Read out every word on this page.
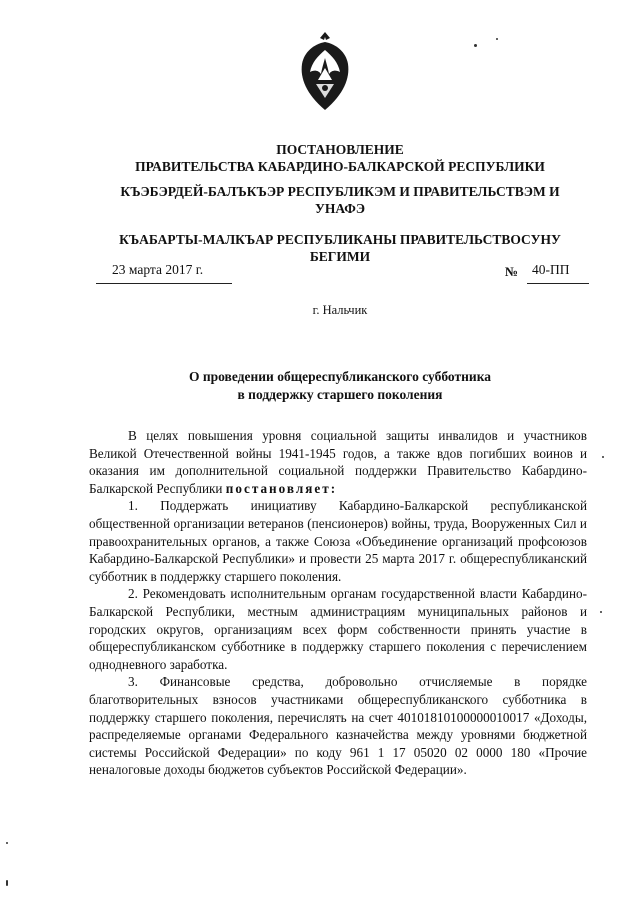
ПОСТАНОВЛЕНИЕ
ПРАВИТЕЛЬСТВА КАБАРДИНО-БАЛКАРСКОЙ РЕСПУБЛИКИ
КЪЭБЭРДЕЙ-БАЛЪКЪЭР РЕСПУБЛИКЭМ И ПРАВИТЕЛЬСТВЭМ И
УНАФЭ
КЪАБАРТЫ-МАЛКЪАР РЕСПУБЛИКАНЫ ПРАВИТЕЛЬСТВОСУНУ
БЕГИМИ
23 марта 2017 г.	№ 40-ПП
г. Нальчик
О проведении общереспубликанского субботника
в поддержку старшего поколения

В целях повышения уровня социальной защиты инвалидов и участников Великой Отечественной войны 1941-1945 годов, а также вдов погибших воинов и оказания им дополнительной социальной поддержки Правительство Кабардино-Балкарской Республики постановляет:

1. Поддержать инициативу Кабардино-Балкарской республиканской общественной организации ветеранов (пенсионеров) войны, труда, Вооруженных Сил и правоохранительных органов, а также Союза «Объединение организаций профсоюзов Кабардино-Балкарской Республики» и провести 25 марта 2017 г. общереспубликанский субботник в поддержку старшего поколения.

2. Рекомендовать исполнительным органам государственной власти Кабардино-Балкарской Республики, местным администрациям муниципальных районов и городских округов, организациям всех форм собственности принять участие в общереспубликанском субботнике в поддержку старшего поколения с перечислением однодневного заработка.

3. Финансовые средства, добровольно отчисляемые в порядке благотворительных взносов участниками общереспубликанского субботника в поддержку старшего поколения, перечислять на счет 40101810100000010017 «Доходы, распределяемые органами Федерального казначейства между уровнями бюджетной системы Российской Федерации» по коду 961 1 17 05020 02 0000 180 «Прочие неналоговые доходы бюджетов субъектов Российской Федерации».
